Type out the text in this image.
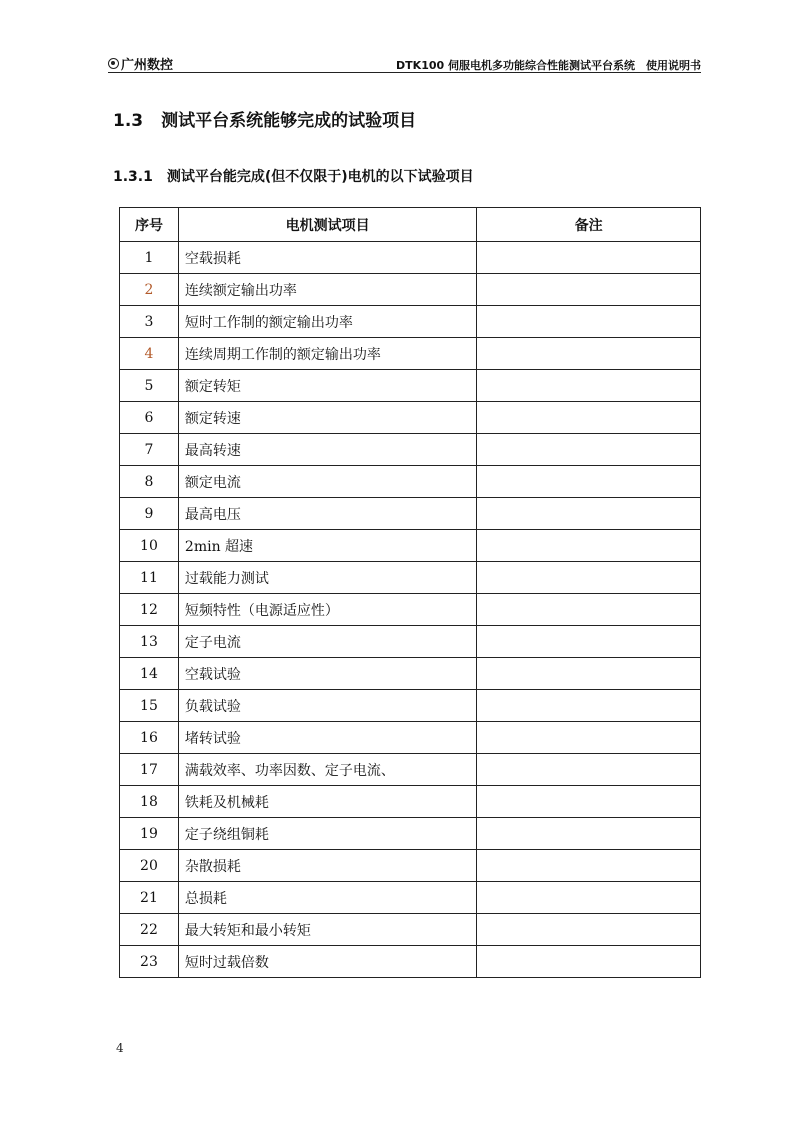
广州数控	DTK100 伺服电机多功能综合性能测试平台系统　使用说明书
1.3 测试平台系统能够完成的试验项目
1.3.1 测试平台能完成(但不仅限于)电机的以下试验项目
序号	电机测试项目	备注
1	空载损耗	
2	连续额定输出功率	
3	短时工作制的额定输出功率	
4	连续周期工作制的额定输出功率	
5	额定转矩	
6	额定转速	
7	最高转速	
8	额定电流	
9	最高电压	
10	2min 超速	
11	过载能力测试	
12	短频特性（电源适应性）	
13	定子电流	
14	空载试验	
15	负载试验	
16	堵转试验	
17	满载效率、功率因数、定子电流、	
18	铁耗及机械耗	
19	定子绕组铜耗	
20	杂散损耗	
21	总损耗	
22	最大转矩和最小转矩	
23	短时过载倍数	
4
